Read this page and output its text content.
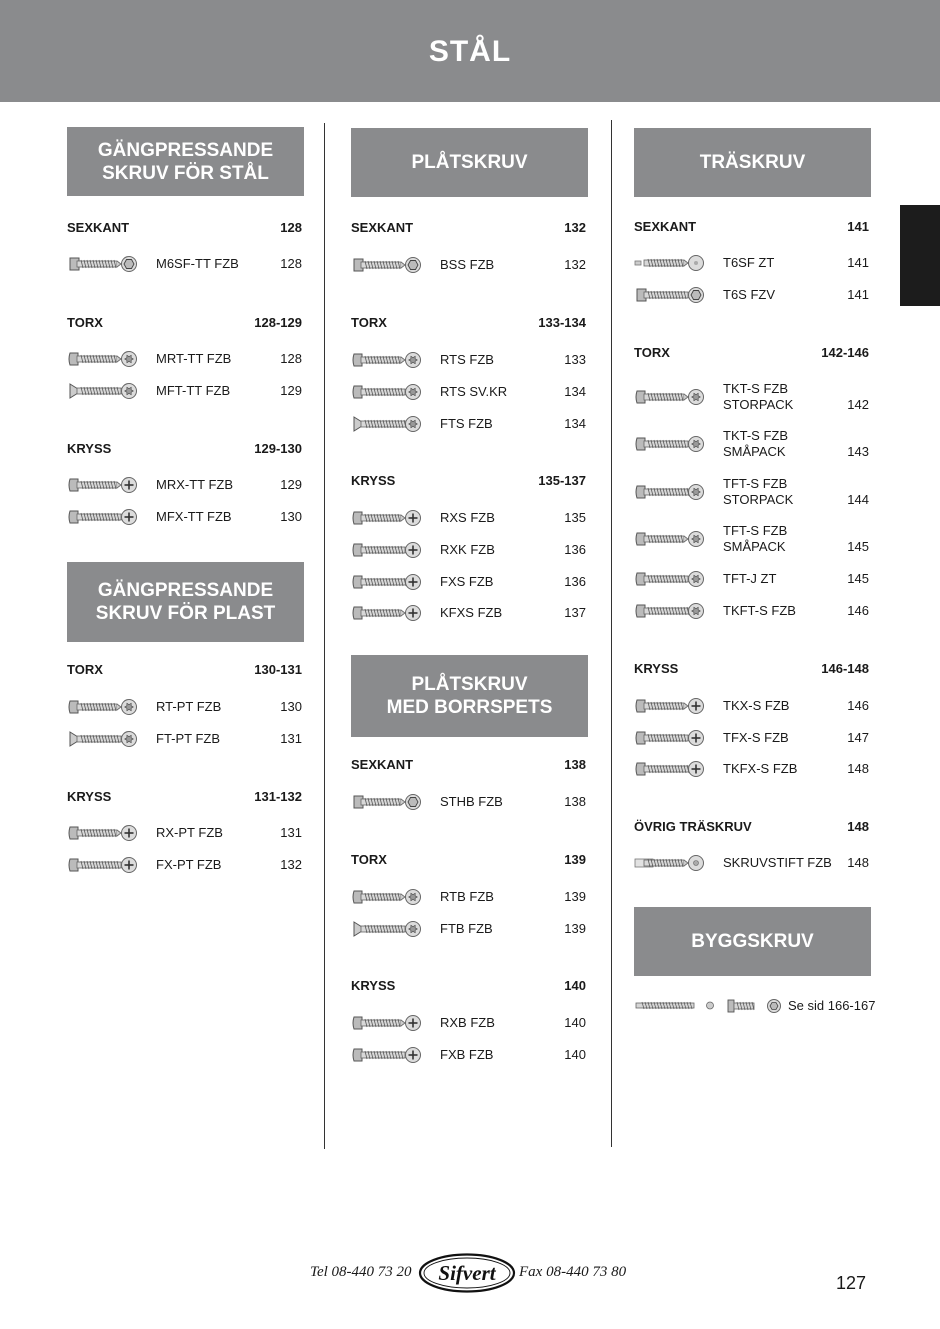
STÅL
GÄNGPRESSANDE
SKRUV FÖR STÅL
SEXKANT	128
M6SF-TT FZB	128
TORX	128-129
MRT-TT FZB	128
MFT-TT FZB	129
KRYSS	129-130
MRX-TT FZB	129
MFX-TT FZB	130
GÄNGPRESSANDE
SKRUV FÖR PLAST
TORX	130-131
RT-PT FZB	130
FT-PT FZB	131
KRYSS	131-132
RX-PT FZB	131
FX-PT FZB	132
PLÅTSKRUV
SEXKANT	132
BSS FZB	132
TORX	133-134
RTS FZB	133
RTS SV.KR	134
FTS FZB	134
KRYSS	135-137
RXS FZB	135
RXK FZB	136
FXS FZB	136
KFXS FZB	137
PLÅTSKRUV
MED BORRSPETS
SEXKANT	138
STHB FZB	138
TORX	139
RTB FZB	139
FTB FZB	139
KRYSS	140
RXB FZB	140
FXB FZB	140
TRÄSKRUV
SEXKANT	141
T6SF ZT	141
T6S FZV	141
TORX	142-146
TKT-S FZB
STORPACK	142
TKT-S FZB
SMÅPACK	143
TFT-S FZB
STORPACK	144
TFT-S FZB
SMÅPACK	145
TFT-J ZT	145
TKFT-S FZB	146
KRYSS	146-148
TKX-S FZB	146
TFX-S FZB	147
TKFX-S FZB	148
ÖVRIG TRÄSKRUV	148
SKRUVSTIFT FZB 148
BYGGSKRUV
Se sid 166-167
Tel 08-440 73 20 Sifvert Fax 08-440 73 80
127
